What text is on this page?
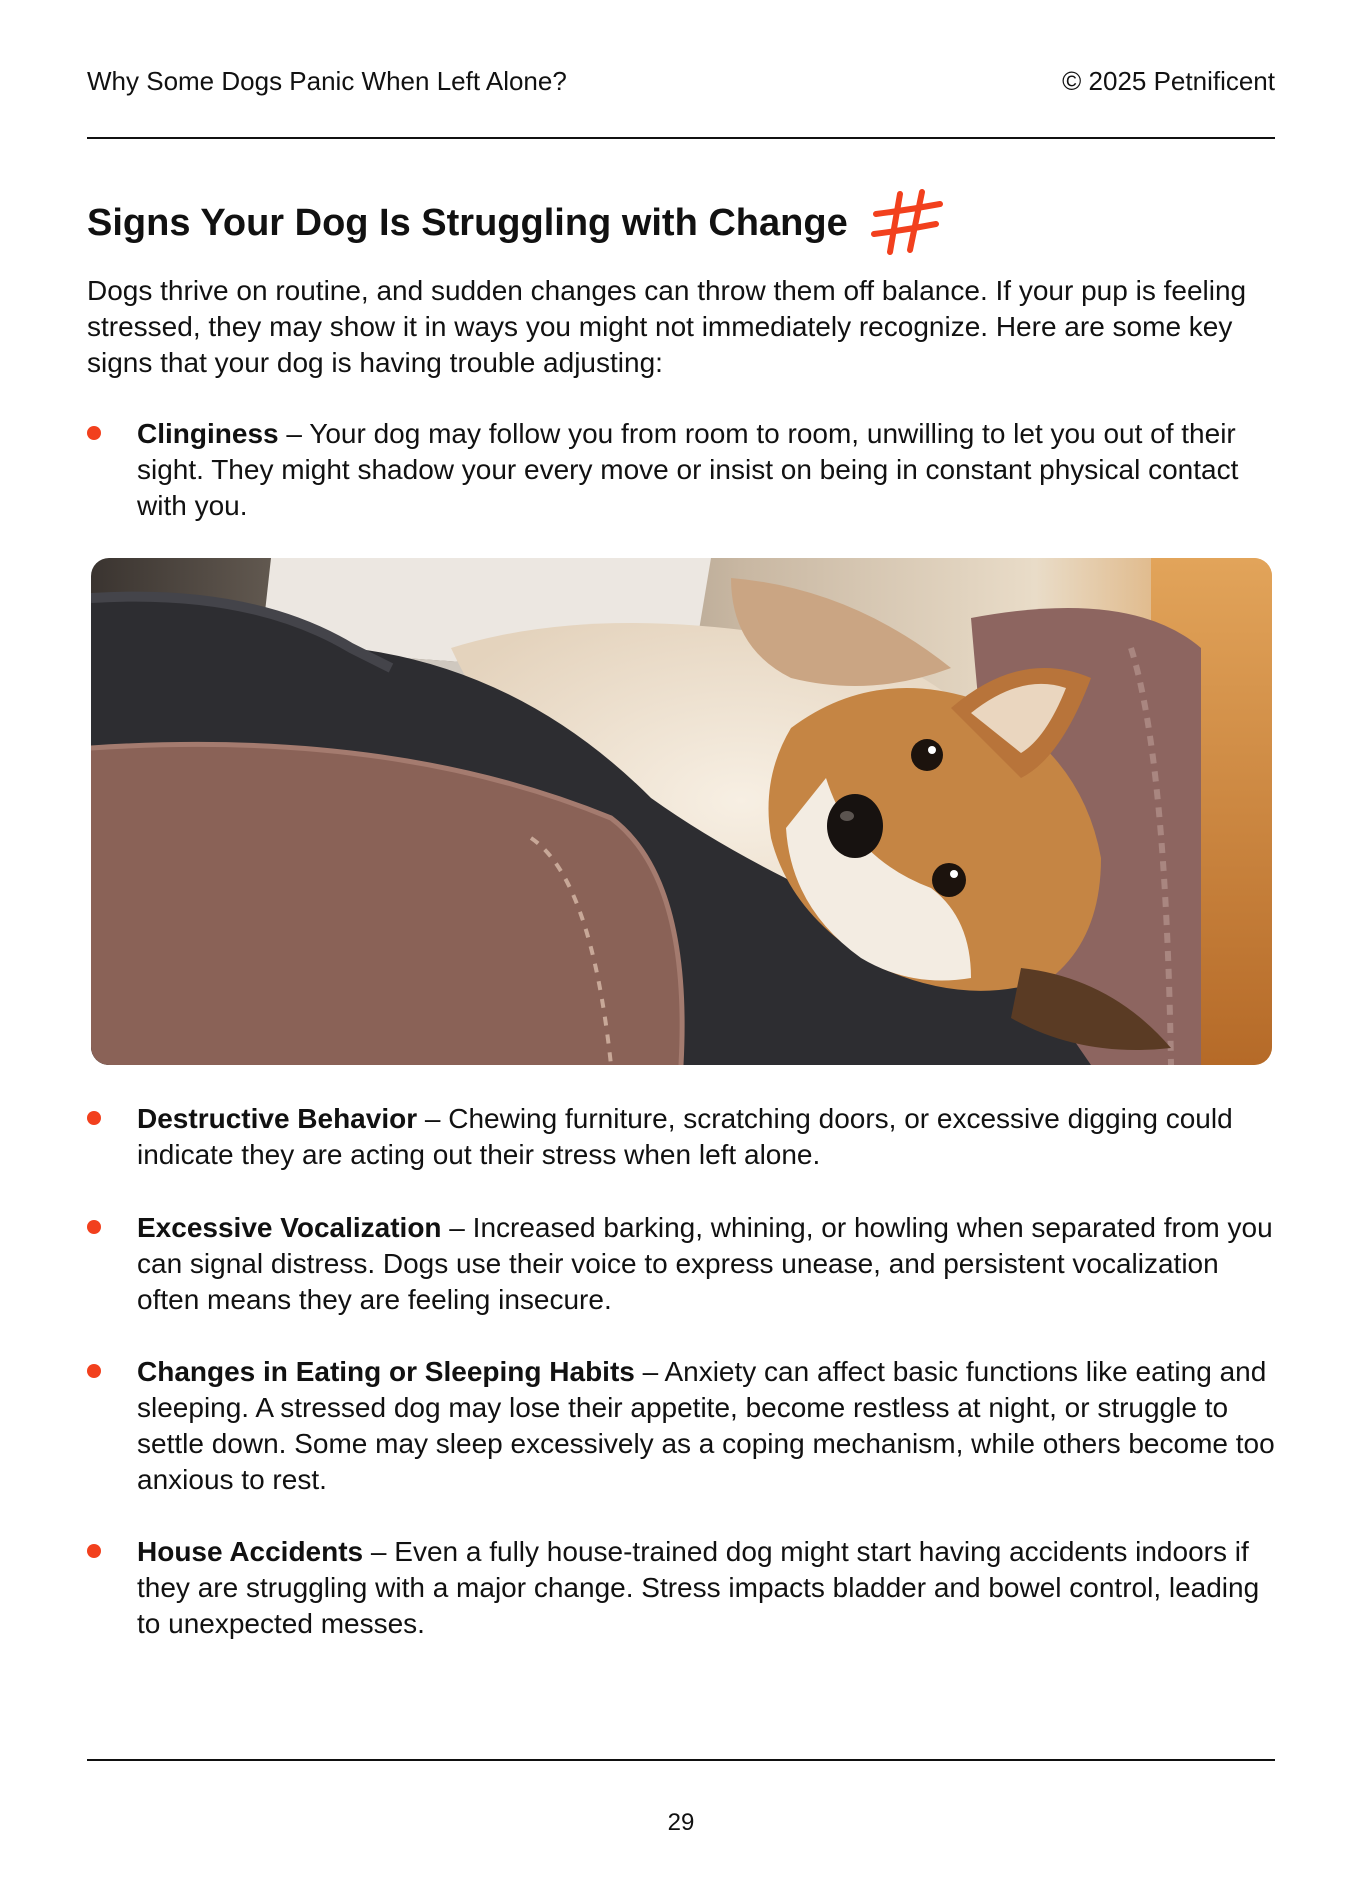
Why Some Dogs Panic When Left Alone?	© 2025 Petnificent
Signs Your Dog Is Struggling with Change

Dogs thrive on routine, and sudden changes can throw them off balance. If your pup is feeling stressed, they may show it in ways you might not immediately recognize. Here are some key signs that your dog is having trouble adjusting:

Clinginess – Your dog may follow you from room to room, unwilling to let you out of their sight. They might shadow your every move or insist on being in constant physical contact with you.
Destructive Behavior – Chewing furniture, scratching doors, or excessive digging could indicate they are acting out their stress when left alone.
Excessive Vocalization – Increased barking, whining, or howling when separated from you can signal distress. Dogs use their voice to express unease, and persistent vocalization often means they are feeling insecure.
Changes in Eating or Sleeping Habits – Anxiety can affect basic functions like eating and sleeping. A stressed dog may lose their appetite, become restless at night, or struggle to settle down. Some may sleep excessively as a coping mechanism, while others become too anxious to rest.
House Accidents – Even a fully house-trained dog might start having accidents indoors if they are struggling with a major change. Stress impacts bladder and bowel control, leading to unexpected messes.
29
